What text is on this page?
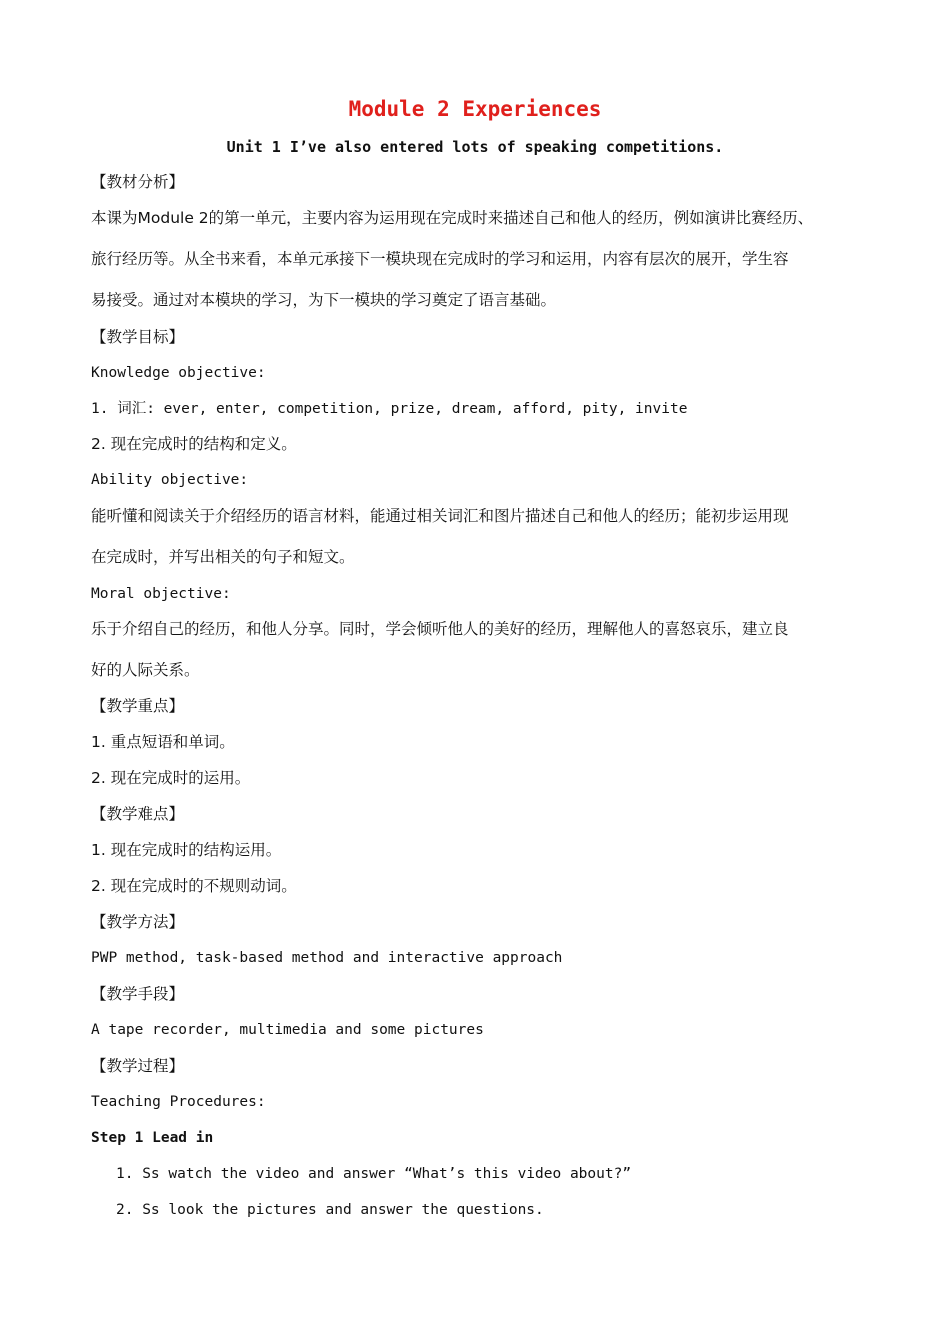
Module 2 Experiences
Unit 1 I’ve also entered lots of speaking competitions.
【教材分析】
本课为Module 2的第一单元，主要内容为运用现在完成时来描述自己和他人的经历，例如演讲比赛经历、
旅行经历等。从全书来看，本单元承接下一模块现在完成时的学习和运用，内容有层次的展开，学生容
易接受。通过对本模块的学习，为下一模块的学习奠定了语言基础。
【教学目标】
Knowledge objective:
1. 词汇: ever, enter, competition, prize, dream, afford, pity, invite
2. 现在完成时的结构和定义。
Ability objective:
能听懂和阅读关于介绍经历的语言材料，能通过相关词汇和图片描述自己和他人的经历；能初步运用现
在完成时，并写出相关的句子和短文。
Moral objective:
乐于介绍自己的经历，和他人分享。同时，学会倾听他人的美好的经历，理解他人的喜怒哀乐，建立良
好的人际关系。
【教学重点】
1. 重点短语和单词。
2. 现在完成时的运用。
【教学难点】
1. 现在完成时的结构运用。
2. 现在完成时的不规则动词。
【教学方法】
PWP method, task-based method and interactive approach
【教学手段】
A tape recorder, multimedia and some pictures
【教学过程】
Teaching Procedures:
Step 1 Lead in
1. Ss watch the video and answer “What’s this video about?”
2. Ss look the pictures and answer the questions.
